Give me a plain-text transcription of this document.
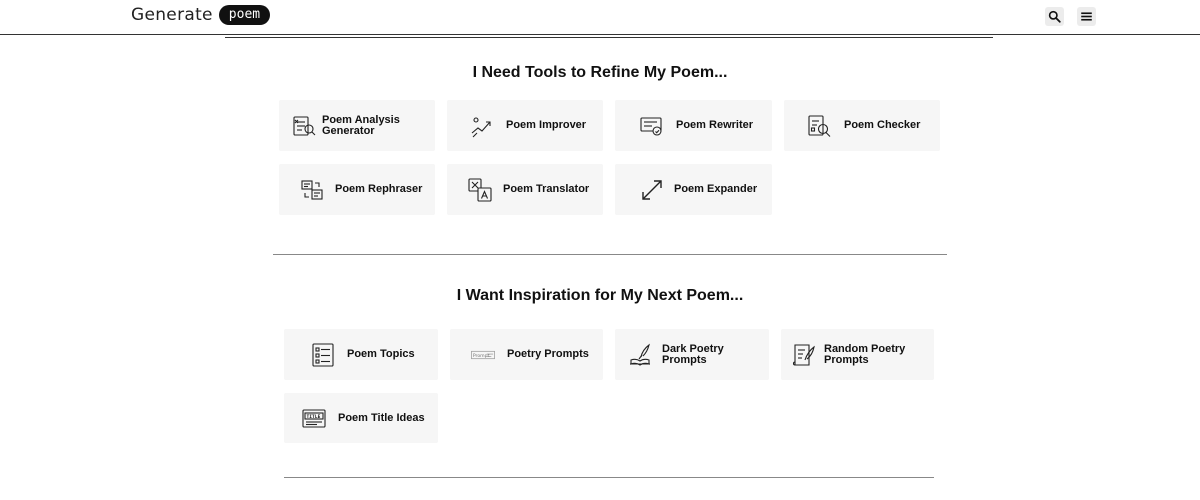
Generate	poem
I Need Tools to Refine My Poem...
Poem Analysis Generator	Poem Improver	Poem Rewriter	Poem Checker
Poem Rephraser	Poem Translator	Poem Expander
I Want Inspiration for My Next Poem...
Poem Topics	Prompt Poetry Prompts	Dark Poetry Prompts
Random Poetry Prompts
TITLE Poem Title Ideas
